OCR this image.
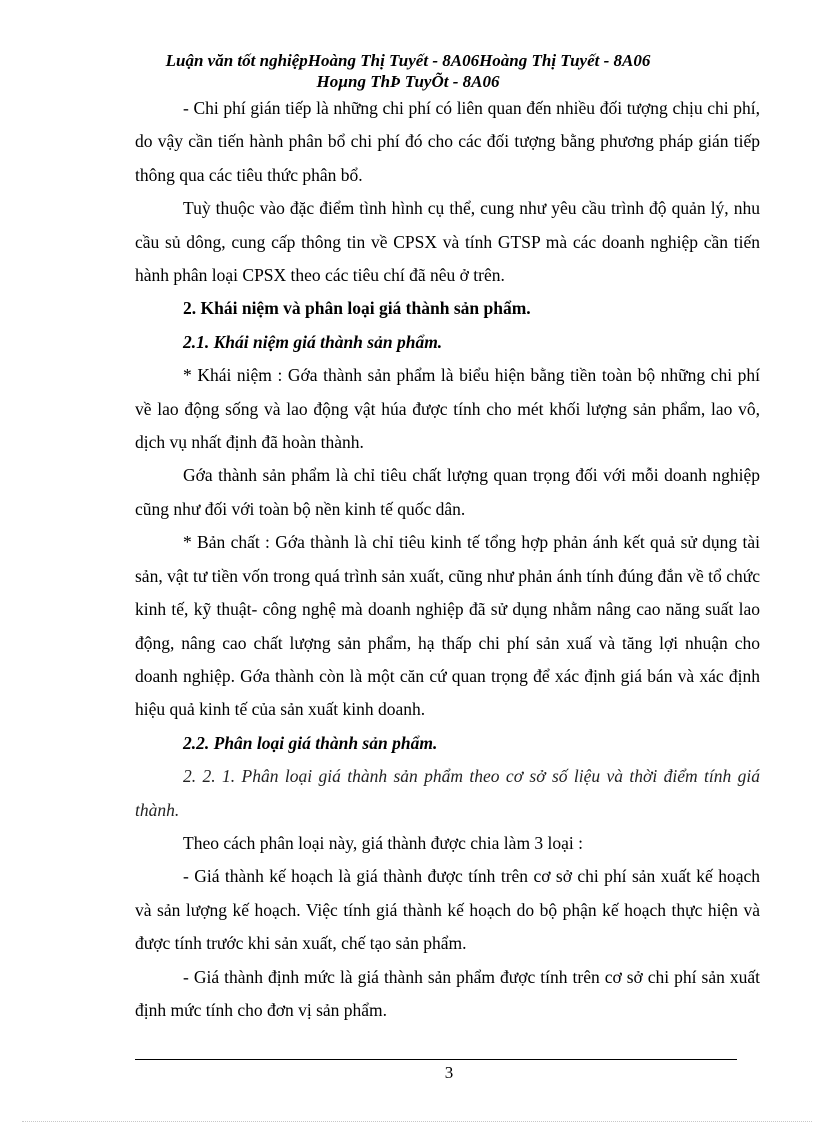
Luận văn tốt nghiệpHoàng Thị Tuyết - 8A06Hoàng Thị Tuyết - 8A06
Hoµng ThÞ TuyÕt - 8A06

- Chi phí gián tiếp là những chi phí có liên quan đến nhiều đối tượng chịu chi phí, do vậy cần tiến hành phân bổ chi phí đó cho các đối tượng bằng phương pháp gián tiếp thông qua các tiêu thức phân bổ.

Tuỳ thuộc vào đặc điểm tình hình cụ thể, cung như yêu cầu trình độ quản lý, nhu cầu sủ dông, cung cấp thông tin về CPSX và tính GTSP mà các doanh nghiệp cần tiến hành phân loại CPSX theo các tiêu chí đã nêu ở trên.

2. Khái niệm và phân loại giá thành sản phẩm.

2.1. Khái niệm giá thành sản phẩm.

* Khái niệm : Gớa thành sản phẩm là biểu hiện bằng tiền toàn bộ những chi phí về lao động sống và lao động vật húa được tính cho mét khối lượng sản phẩm, lao vô, dịch vụ nhất định đã hoàn thành.

Gớa thành sản phẩm là chỉ tiêu chất lượng quan trọng đối với mỗi doanh nghiệp cũng như đối với toàn bộ nền kinh tế quốc dân.

* Bản chất : Gớa thành là chỉ tiêu kinh tế tổng hợp phản ánh kết quả sử dụng tài sản, vật tư tiền vốn trong quá trình sản xuất, cũng như phản ánh tính đúng đắn về tổ chức kinh tế, kỹ thuật- công nghệ mà doanh nghiệp đã sử dụng nhằm nâng cao năng suất lao động, nâng cao chất lượng sản phẩm, hạ thấp chi phí sản xuấ và tăng lợi nhuận cho doanh nghiệp. Gớa thành còn là một căn cứ quan trọng để xác định giá bán và xác định hiệu quả kinh tế của sản xuất kinh doanh.

2.2. Phân loại giá thành sản phẩm.

2. 2. 1. Phân loại giá thành sản phẩm theo cơ sở số liệu và thời điểm tính giá thành.

Theo cách phân loại này, giá thành được chia làm 3 loại :

- Giá thành kế hoạch là giá thành được tính trên cơ sở chi phí sản xuất kế hoạch và sản lượng kế hoạch. Việc tính giá thành kế hoạch do bộ phận kế hoạch thực hiện và được tính trước khi sản xuất, chế tạo sản phẩm.

- Giá thành định mức là giá thành sản phẩm được tính trên cơ sở chi phí sản xuất định mức tính cho đơn vị sản phẩm.

3
